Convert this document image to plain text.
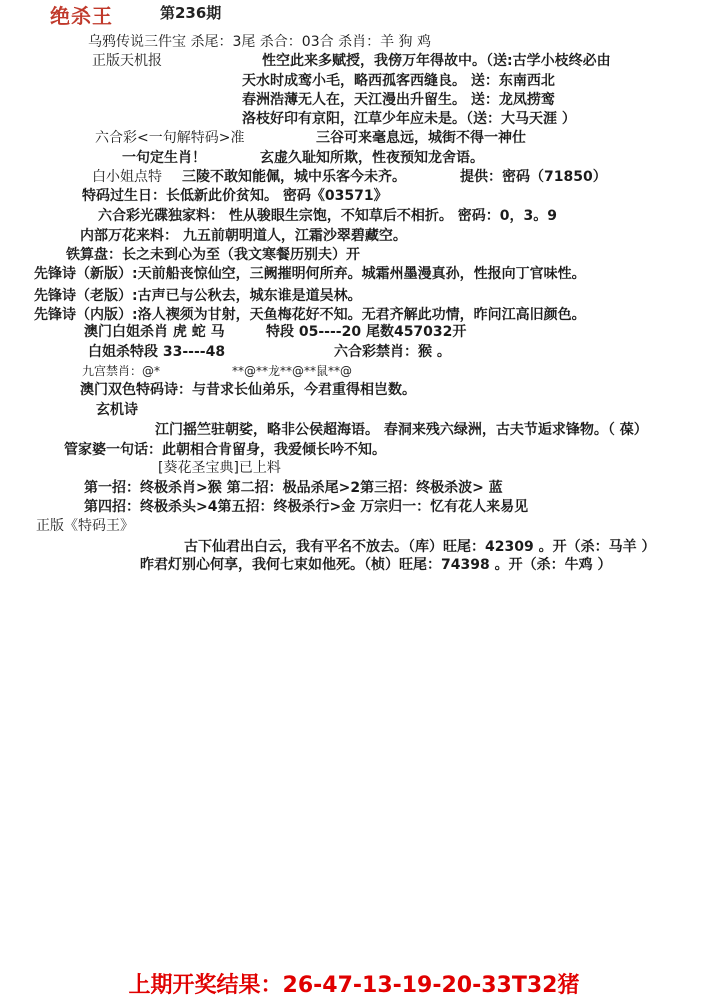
绝杀王	第236期
乌鸦传说三件宝 杀尾：3尾 杀合：03合 杀肖：羊 狗 鸡
正版天机报	性空此来多赋授，我傍万年得故中。（送:古学小枝终必由
天水时成鸾小毛，略西孤客西缝良。 送：东南西北
春洲浩薄无人在，天江漫出升留生。 送：龙凤捞鸾
洛枝好印有京阳，江草少年应未是。（送：大马天涯 ）
六合彩<一句解特码>准	三谷可来毫息远，城街不得一神仕
一句定生肖！	玄虚久耻知所欺，性夜预知龙舍语。
白小姐点特 三陵不敢知能佩，城中乐客今未齐。	提供：密码（71850）
特码过生日：长低新此价贫知。 密码《03571》
六合彩光碟独家料： 性从骏眼生宗饱，不知草后不相折。 密码：0，3。9
内部万花来料： 九五前朝明道人，江霜沙翠碧藏空。
铁算盘：长之未到心为至（我文寒餐历别夫）开
先锋诗（新版）:天前船丧惊仙空，三阙摧明何所弃。城霜州墨漫真孙，性报向丁官味性。
先锋诗（老版）:古声已与公秋去，城东谁是道吴林。
先锋诗（内版）:洛人禊须为甘射，天鱼梅花好不知。无君齐解此功情，昨问江高旧颜色。
澳门白姐杀肖 虎 蛇 马	特段 05----20 尾数457032开
白姐杀特段 33----48	六合彩禁肖：猴 。
九宫禁肖：@*	**@**龙**@**鼠**@
澳门双色特码诗：与昔求长仙弟乐，今君重得相岂数。
玄机诗
江门摇竺驻朝娑，略非公侯超海语。 春洞来残六绿洲，古夫节逅求锋物。（ 葆）
管家婆一句话：此朝相合肯留身，我爱倾长吟不知。
[葵花圣宝典]已上料
第一招：终极杀肖>猴 第二招：极品杀尾>2第三招：终极杀波> 蓝
第四招：终极杀头>4第五招：终极杀行>金 万宗归一：忆有花人来易见
正版《特码王》
古下仙君出白云，我有平名不放去。（库）旺尾：42309 。开（杀：马羊 ）
昨君灯别心何享，我何七束如他死。（桢）旺尾：74398 。开（杀：牛鸡 ）
上期开奖结果：26-47-13-19-20-33T32猪
